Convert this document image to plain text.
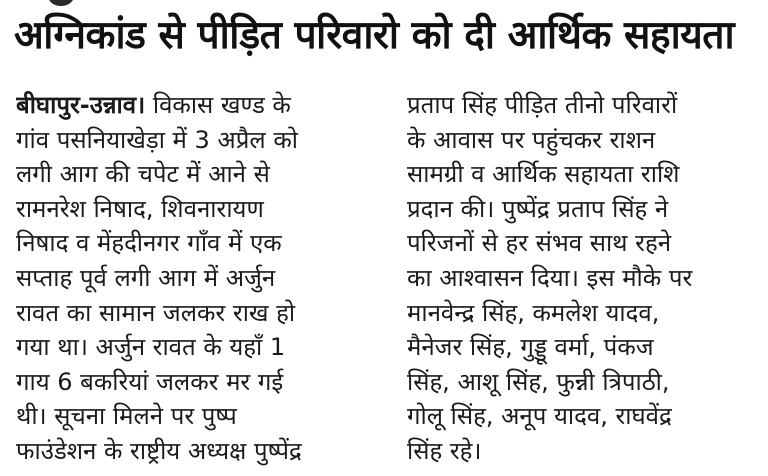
अग्निकांड से पीड़ित परिवारो को दी आर्थिक सहायता
बीघापुर-उन्नाव। विकास खण्ड के
गांव पसनियाखेड़ा में 3 अप्रैल को
लगी आग की चपेट में आने से
रामनरेश निषाद, शिवनारायण
निषाद व मेंहदीनगर गाँव में एक
सप्ताह पूर्व लगी आग में अर्जुन
रावत का सामान जलकर राख हो
गया था। अर्जुन रावत के यहाँ 1
गाय 6 बकरियां जलकर मर गई
थी। सूचना मिलने पर पुष्प
फाउंडेशन के राष्ट्रीय अध्यक्ष पुष्पेंद्र
प्रताप सिंह पीड़ित तीनो परिवारों
के आवास पर पहुंचकर राशन
सामग्री व आर्थिक सहायता राशि
प्रदान की। पुष्पेंद्र प्रताप सिंह ने
परिजनों से हर संभव साथ रहने
का आश्वासन दिया। इस मौके पर
मानवेन्द्र सिंह, कमलेश यादव,
मैनेजर सिंह, गुड्डू वर्मा, पंकज
सिंह, आशू सिंह, फुन्नी त्रिपाठी,
गोलू सिंह, अनूप यादव, राघवेंद्र
सिंह रहे।
